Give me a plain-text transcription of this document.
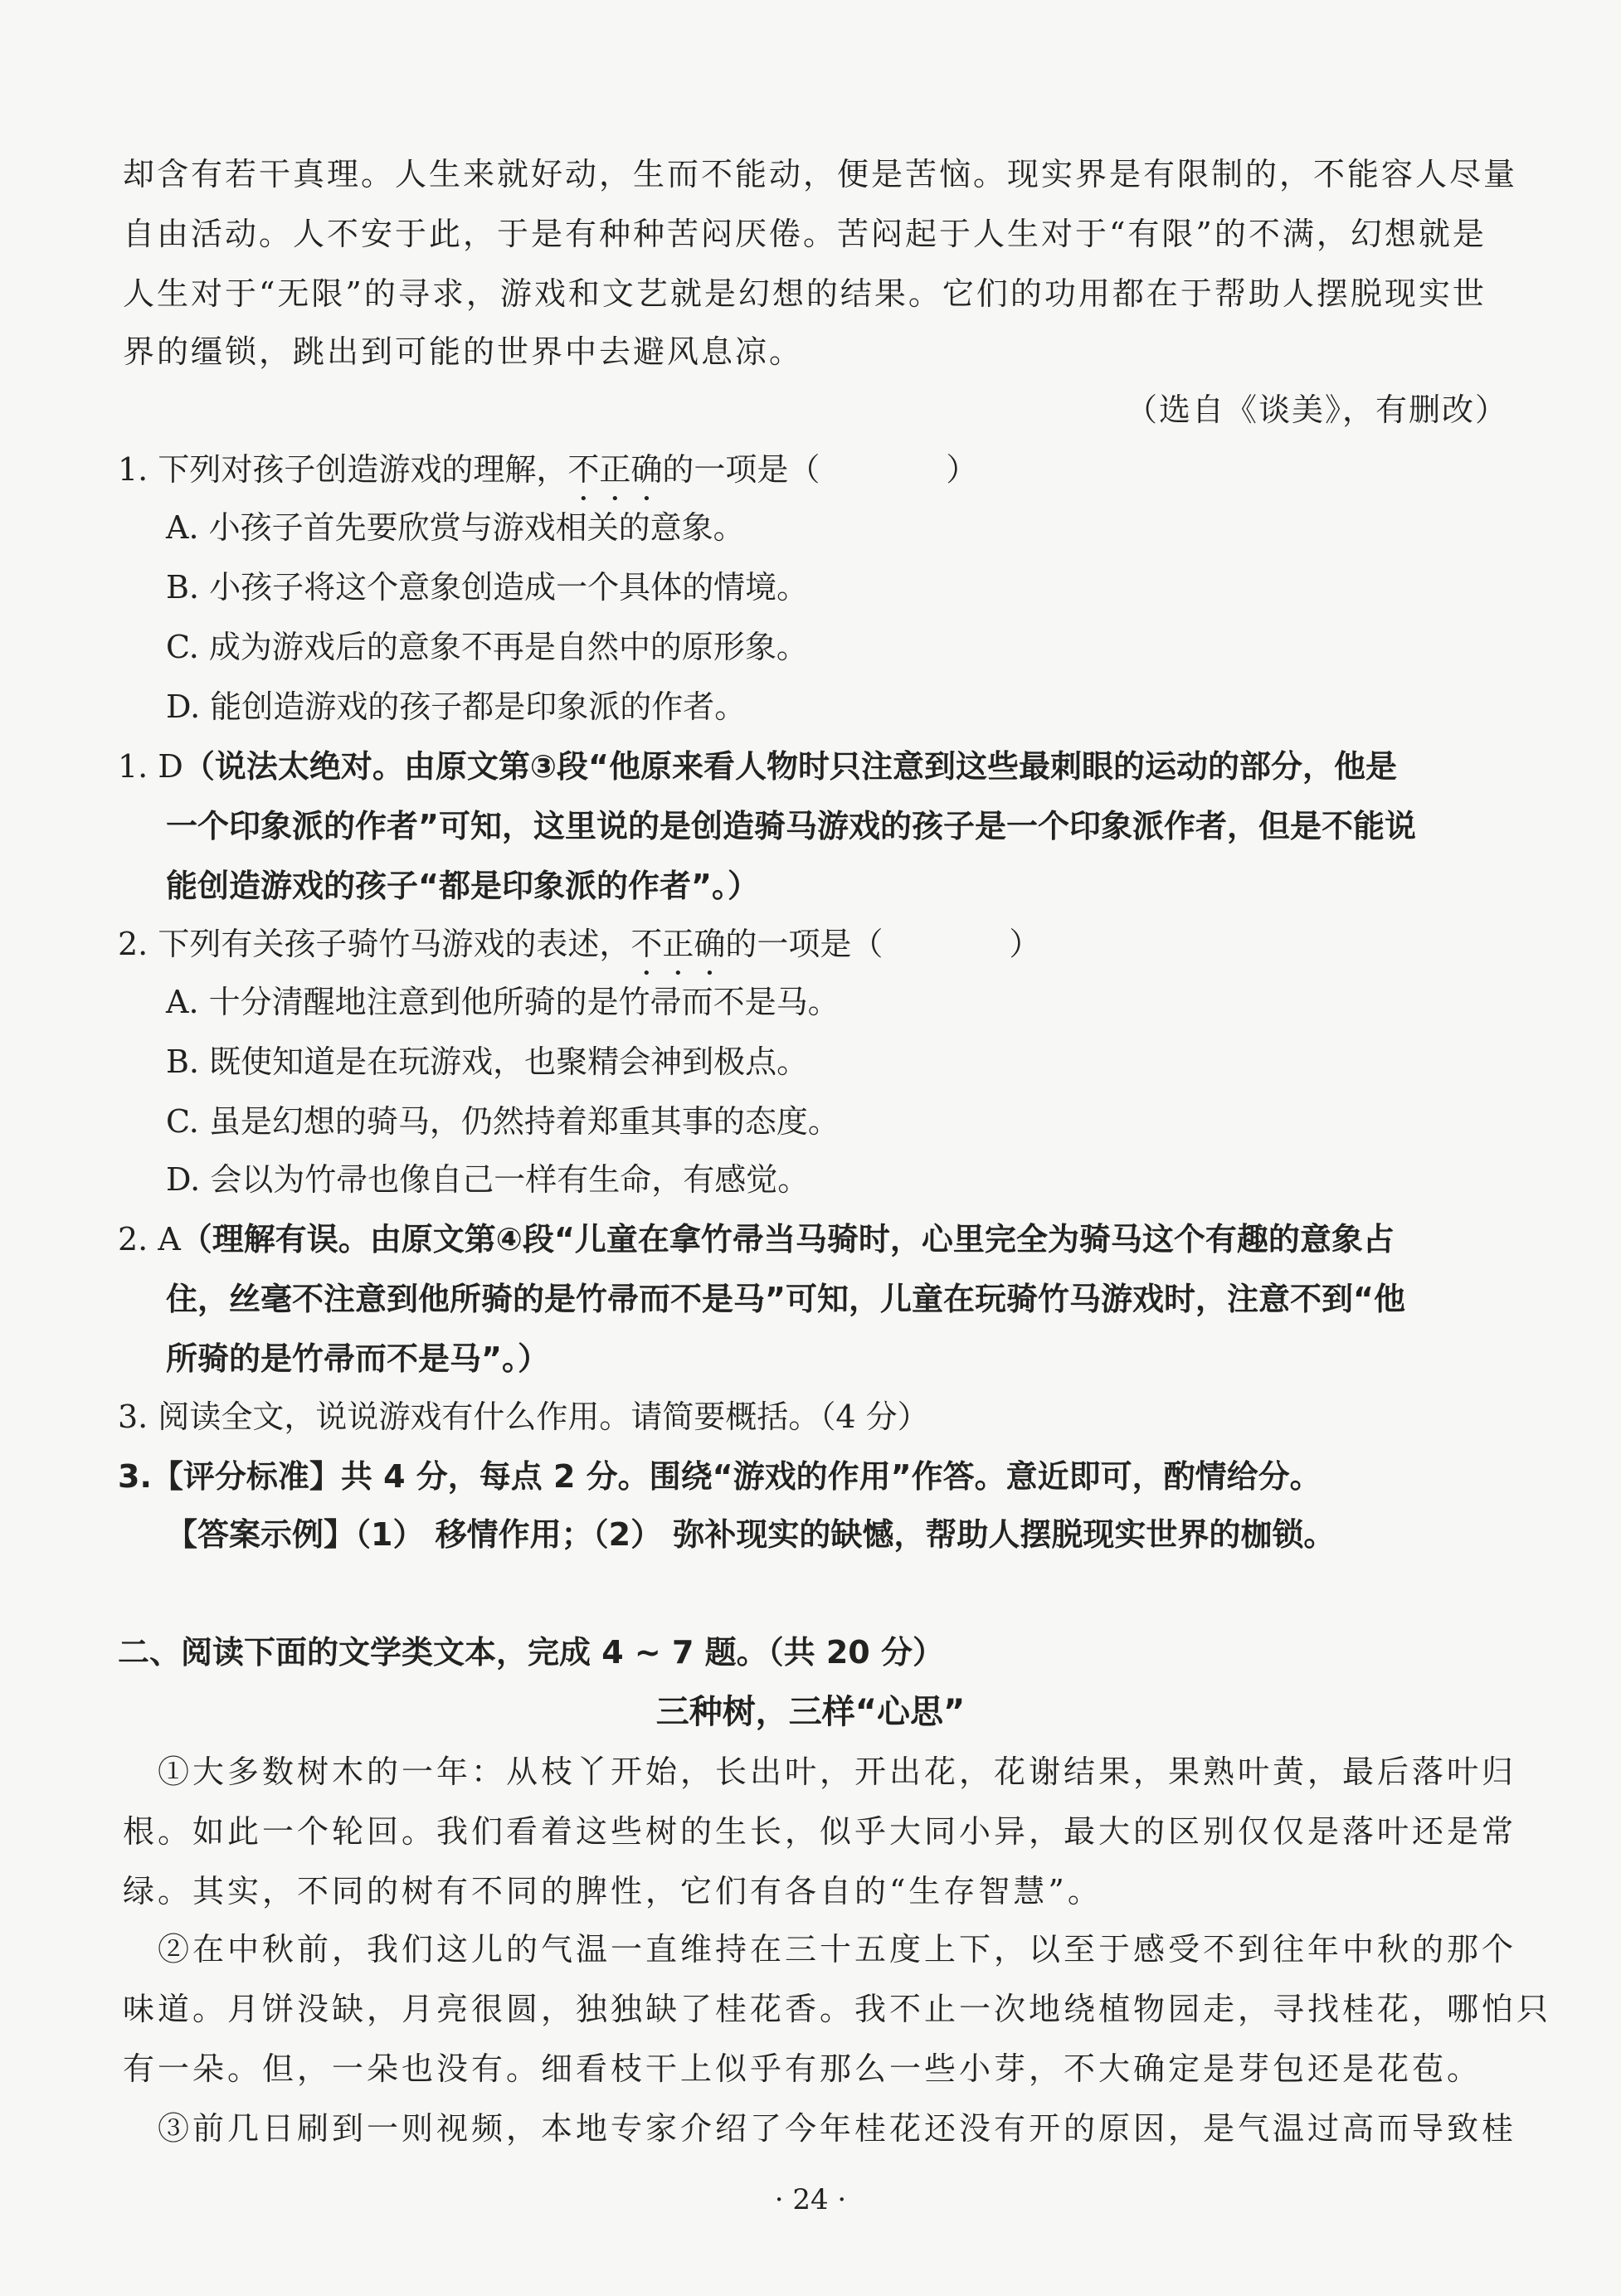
却含有若干真理。人生来就好动，生而不能动，便是苦恼。现实界是有限制的，不能容人尽量
自由活动。人不安于此，于是有种种苦闷厌倦。苦闷起于人生对于“有限”的不满，幻想就是
人生对于“无限”的寻求，游戏和文艺就是幻想的结果。它们的功用都在于帮助人摆脱现实世
界的缰锁，跳出到可能的世界中去避风息凉。
（选自《谈美》，有删改）
1. 下列对孩子创造游戏的理解，不正确的一项是（　　　　）
A. 小孩子首先要欣赏与游戏相关的意象。
B. 小孩子将这个意象创造成一个具体的情境。
C. 成为游戏后的意象不再是自然中的原形象。
D. 能创造游戏的孩子都是印象派的作者。
1. D（说法太绝对。由原文第③段“他原来看人物时只注意到这些最刺眼的运动的部分，他是
一个印象派的作者”可知，这里说的是创造骑马游戏的孩子是一个印象派作者，但是不能说
能创造游戏的孩子“都是印象派的作者”。）
2. 下列有关孩子骑竹马游戏的表述，不正确的一项是（　　　　）
A. 十分清醒地注意到他所骑的是竹帚而不是马。
B. 既使知道是在玩游戏，也聚精会神到极点。
C. 虽是幻想的骑马，仍然持着郑重其事的态度。
D. 会以为竹帚也像自己一样有生命，有感觉。
2. A（理解有误。由原文第④段“儿童在拿竹帚当马骑时，心里完全为骑马这个有趣的意象占
住，丝毫不注意到他所骑的是竹帚而不是马”可知，儿童在玩骑竹马游戏时，注意不到“他
所骑的是竹帚而不是马”。）
3. 阅读全文，说说游戏有什么作用。请简要概括。（4 分）
3.【评分标准】共 4 分，每点 2 分。围绕“游戏的作用”作答。意近即可，酌情给分。
【答案示例】（1） 移情作用；（2） 弥补现实的缺憾，帮助人摆脱现实世界的枷锁。
二、阅读下面的文学类文本，完成 4 ~ 7 题。（共 20 分）
三种树，三样“心思”
　①大多数树木的一年：从枝丫开始，长出叶，开出花，花谢结果，果熟叶黄，最后落叶归
根。如此一个轮回。我们看着这些树的生长，似乎大同小异，最大的区别仅仅是落叶还是常
绿。其实，不同的树有不同的脾性，它们有各自的“生存智慧”。
　②在中秋前，我们这儿的气温一直维持在三十五度上下，以至于感受不到往年中秋的那个
味道。月饼没缺，月亮很圆，独独缺了桂花香。我不止一次地绕植物园走，寻找桂花，哪怕只
有一朵。但，一朵也没有。细看枝干上似乎有那么一些小芽，不大确定是芽包还是花苞。
　③前几日刷到一则视频，本地专家介绍了今年桂花还没有开的原因，是气温过高而导致桂
· 24 ·
